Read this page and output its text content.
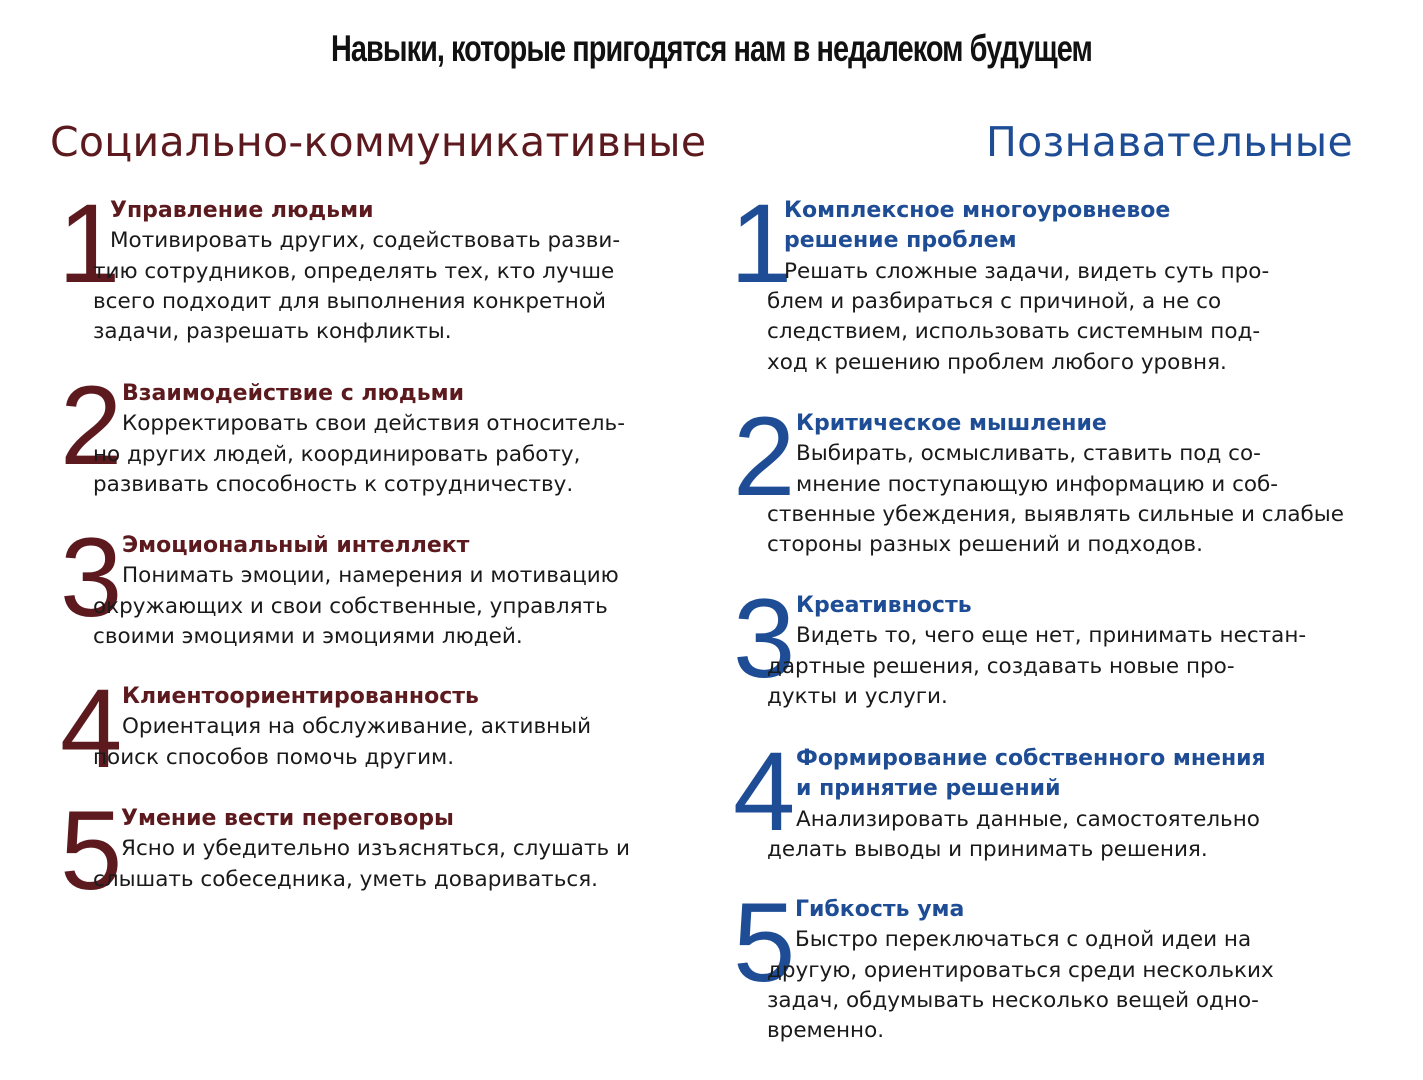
Навыки, которые пригодятся нам в недалеком будущем
Социально-коммуникативные	Познавательные
1
Управление людьми
Мотивировать других, содействовать разви-
тию сотрудников, определять тех, кто лучше
всего подходит для выполнения конкретной
задачи, разрешать конфликты.
2 Взаимодействие с людьми
Корректировать свои действия относитель-
но других людей, координировать работу,
развивать способность к сотрудничеству.
3 Эмоциональный интеллект
Понимать эмоции, намерения и мотивацию
окружающих и свои собственные, управлять
своими эмоциями и эмоциями людей.
4 Клиентоориентированность
Ориентация на обслуживание, активный
поиск способов помочь другим.
5 Умение вести переговоры
Ясно и убедительно изъясняться, слушать и
слышать собеседника, уметь довариваться.
1
Комплексное многоуровневое
решение проблем
Решать сложные задачи, видеть суть про-
блем и разбираться с причиной, а не со
следствием, использовать системным под-
ход к решению проблем любого уровня.
2 Критическое мышление
Выбирать, осмысливать, ставить под со-
мнение поступающую информацию и соб-
ственные убеждения, выявлять сильные и слабые
стороны разных решений и подходов.
3 Креативность
Видеть то, чего еще нет, принимать нестан-
дартные решения, создавать новые про-
дукты и услуги.
4 Формирование собственного мнения
и принятие решений
Анализировать данные, самостоятельно
делать выводы и принимать решения.
5 Гибкость ума
Быстро переключаться с одной идеи на
другую, ориентироваться среди нескольких
задач, обдумывать несколько вещей одно-
временно.
